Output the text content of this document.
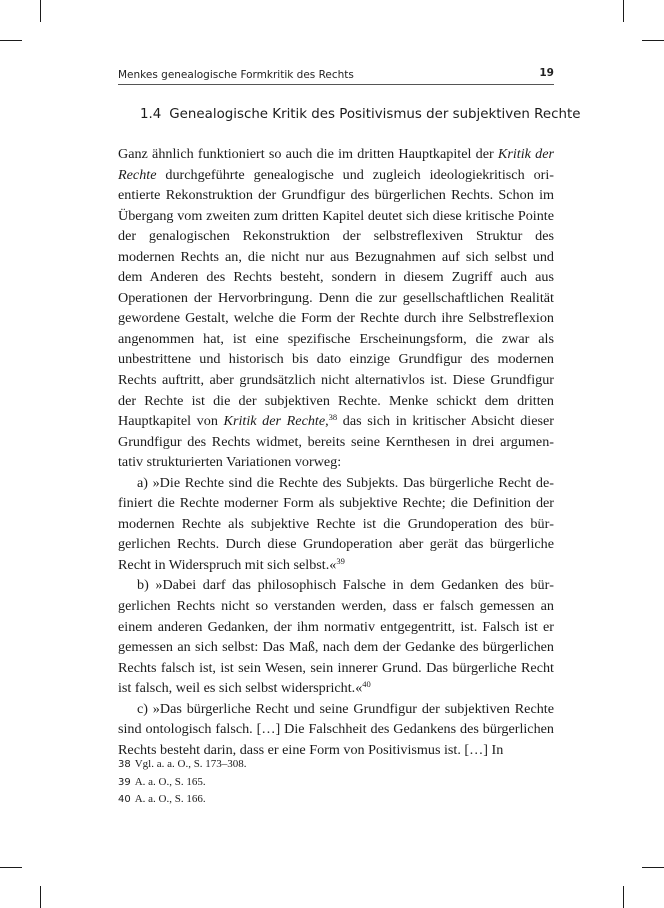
Menkes genealogische Formkritik des Rechts	19
1.4 Genealogische Kritik des Positivismus der subjektiven Rechte

Ganz ähnlich funktioniert so auch die im dritten Hauptkapitel der Kritik der Rechte durchgeführte genealogische und zugleich ideologiekritisch orientierte Rekonstruktion der Grundfigur des bürgerlichen Rechts. Schon im Übergang vom zweiten zum dritten Kapitel deutet sich diese kritische Pointe der genalogischen Rekonstruktion der selbstreflexiven Struktur des modernen Rechts an, die nicht nur aus Bezugnahmen auf sich selbst und dem Anderen des Rechts besteht, sondern in diesem Zugriff auch aus Operationen der Hervorbringung. Denn die zur gesellschaftlichen Realität gewordene Gestalt, welche die Form der Rechte durch ihre Selbstreflexion angenommen hat, ist eine spezifische Erscheinungsform, die zwar als unbestrittene und historisch bis dato einzige Grundfigur des modernen Rechts auftritt, aber grundsätzlich nicht alternativlos ist. Diese Grundfigur der Rechte ist die der subjektiven Rechte. Menke schickt dem dritten Hauptkapitel von Kritik der Rechte,$^{38}$ das sich in kritischer Absicht dieser Grundfigur des Rechts widmet, bereits seine Kernthesen in drei argumentativ strukturierten Variationen vorweg:

a) »Die Rechte sind die Rechte des Subjekts. Das bürgerliche Recht definiert die Rechte moderner Form als subjektive Rechte; die Definition der modernen Rechte als subjektive Rechte ist die Grundoperation des bürgerlichen Rechts. Durch diese Grundoperation aber gerät das bürgerliche Recht in Widerspruch mit sich selbst.«$^{39}$

b) »Dabei darf das philosophisch Falsche in dem Gedanken des bürgerlichen Rechts nicht so verstanden werden, dass er falsch gemessen an einem anderen Gedanken, der ihm normativ entgegentritt, ist. Falsch ist er gemessen an sich selbst: Das Maß, nach dem der Gedanke des bürgerlichen Rechts falsch ist, ist sein Wesen, sein innerer Grund. Das bürgerliche Recht ist falsch, weil es sich selbst widerspricht.«$^{40}$

c) »Das bürgerliche Recht und seine Grundfigur der subjektiven Rechte sind ontologisch falsch. […] Die Falschheit des Gedankens des bürgerlichen Rechts besteht darin, dass er eine Form von Positivismus ist. […] In

38 Vgl. a. a. O., S. 173–308.
39 A. a. O., S. 165.
40 A. a. O., S. 166.
